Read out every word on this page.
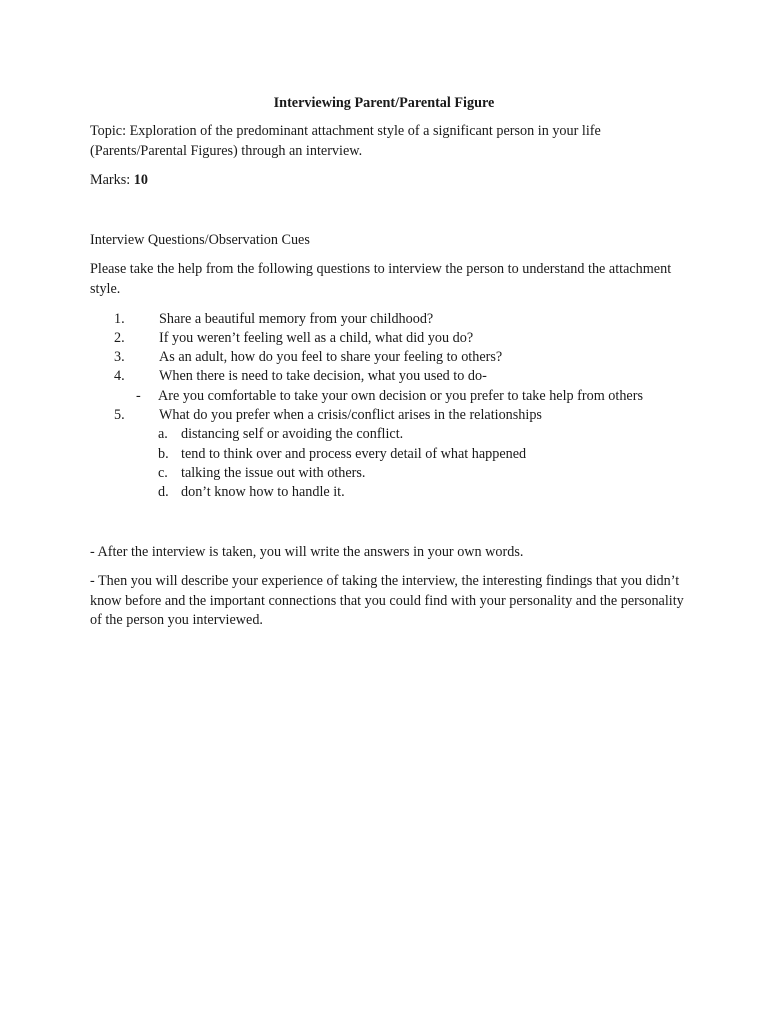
Interviewing Parent/Parental Figure
Topic: Exploration of the predominant attachment style of a significant person in your life (Parents/Parental Figures) through an interview.
Marks: 10
Interview Questions/Observation Cues
Please take the help from the following questions to interview the person to understand the attachment style.
1.	Share a beautiful memory from your childhood?
2.	If you weren’t feeling well as a child, what did you do?
3.	As an adult, how do you feel to share your feeling to others?
4.	When there is need to take decision, what you used to do-
- Are you comfortable to take your own decision or you prefer to take help from others
5.	What do you prefer when a crisis/conflict arises in the relationships
a. distancing self or avoiding the conflict.
b. tend to think over and process every detail of what happened
c. talking the issue out with others.
d. don’t know how to handle it.
- After the interview is taken, you will write the answers in your own words.
- Then you will describe your experience of taking the interview, the interesting findings that you didn’t know before and the important connections that you could find with your personality and the personality of the person you interviewed.
